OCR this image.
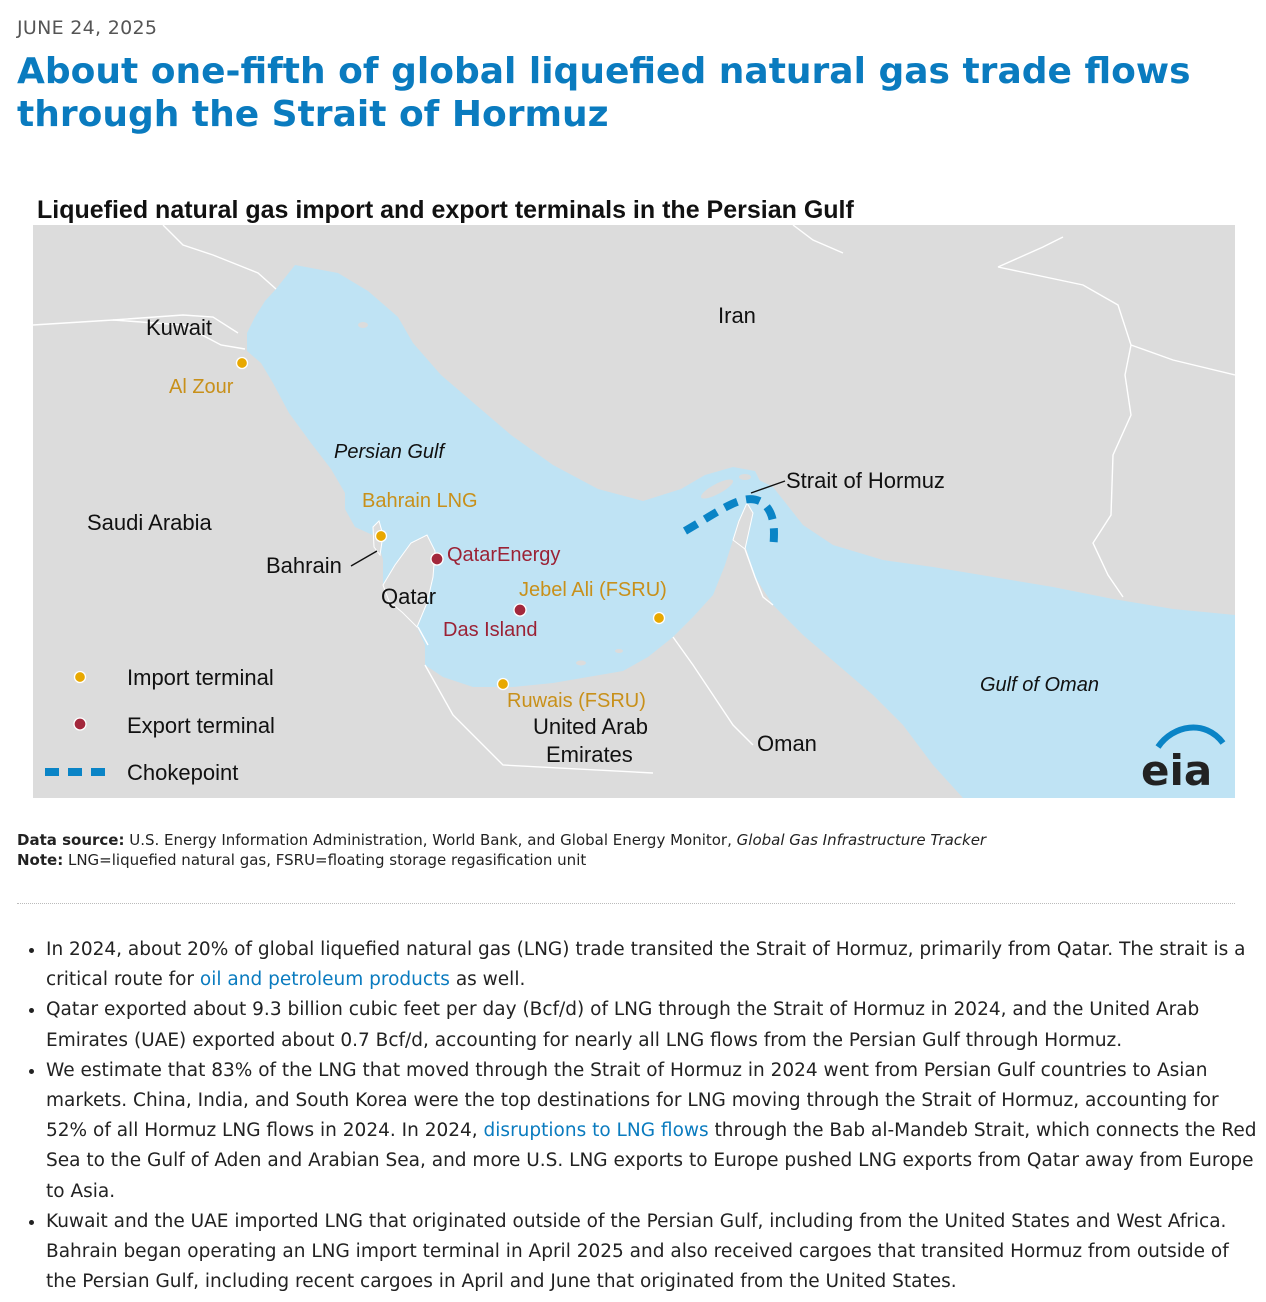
JUNE 24, 2025
About one-fifth of global liquefied natural gas trade flows through the Strait of Hormuz
Liquefied natural gas import and export terminals in the Persian Gulf
Kuwait	Iran
Saudi Arabia
Bahrain
Qatar
United Arab
Emirates	Oman
Strait of Hormuz
Persian Gulf
Gulf of Oman
Al Zour
Bahrain LNG
Jebel Ali (FSRU)
Ruwais (FSRU)
QatarEnergy
Das Island
Import terminal
Export terminal
Chokepoint	eia
Data source: U.S. Energy Information Administration, World Bank, and Global Energy Monitor, Global Gas Infrastructure Tracker
Note: LNG=liquefied natural gas, FSRU=floating storage regasification unit
• In 2024, about 20% of global liquefied natural gas (LNG) trade transited the Strait of Hormuz, primarily from Qatar. The strait is a critical route for oil and petroleum products as well.
• Qatar exported about 9.3 billion cubic feet per day (Bcf/d) of LNG through the Strait of Hormuz in 2024, and the United Arab Emirates (UAE) exported about 0.7 Bcf/d, accounting for nearly all LNG flows from the Persian Gulf through Hormuz.
• We estimate that 83% of the LNG that moved through the Strait of Hormuz in 2024 went from Persian Gulf countries to Asian markets. China, India, and South Korea were the top destinations for LNG moving through the Strait of Hormuz, accounting for 52% of all Hormuz LNG flows in 2024. In 2024, disruptions to LNG flows through the Bab al-Mandeb Strait, which connects the Red Sea to the Gulf of Aden and Arabian Sea, and more U.S. LNG exports to Europe pushed LNG exports from Qatar away from Europe to Asia.
• Kuwait and the UAE imported LNG that originated outside of the Persian Gulf, including from the United States and West Africa. Bahrain began operating an LNG import terminal in April 2025 and also received cargoes that transited Hormuz from outside of the Persian Gulf, including recent cargoes in April and June that originated from the United States.
